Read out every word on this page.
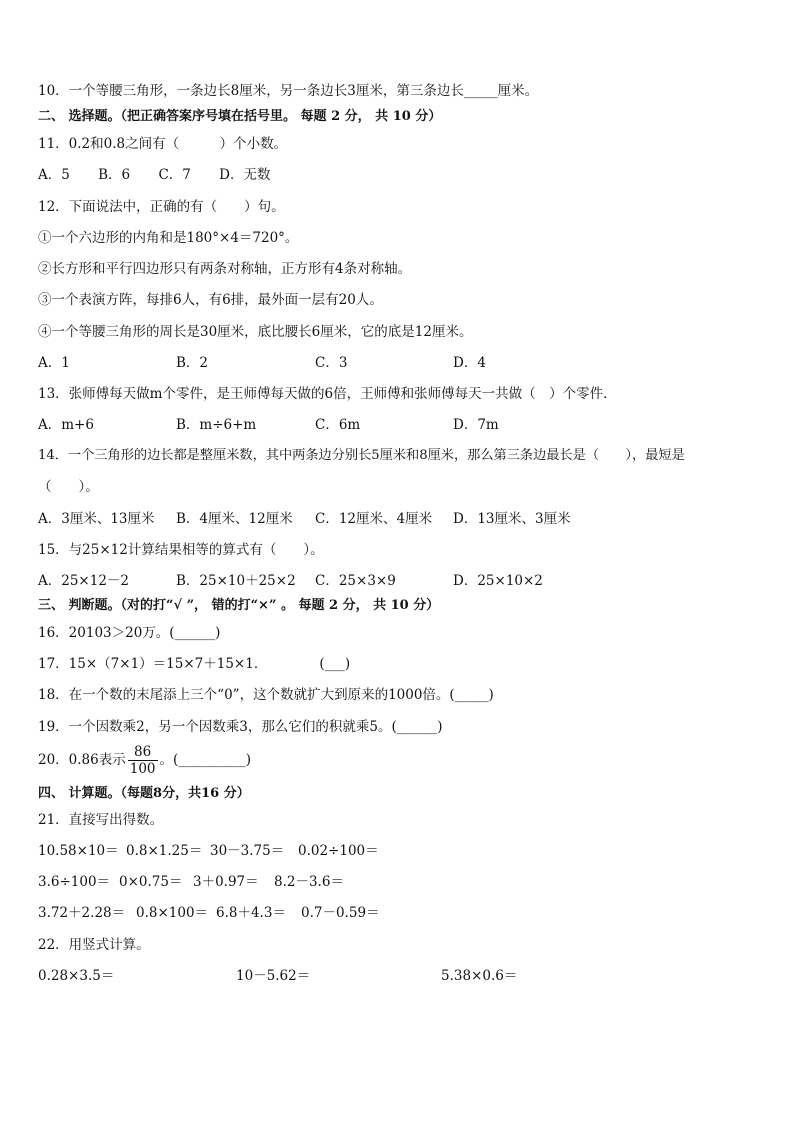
10．一个等腰三角形，一条边长8厘米，另一条边长3厘米，第三条边长_____厘米。
二、 选择题。（把正确答案序号填在括号里。 每题 2 分， 共 10 分）
11．0.2和0.8之间有（　　　）个小数。
A．5 B．6 C．7 D．无数
12．下面说法中，正确的有（　　）句。
①一个六边形的内角和是180°×4＝720°。
②长方形和平行四边形只有两条对称轴，正方形有4条对称轴。
③一个表演方阵，每排6人，有6排，最外面一层有20人。
④一个等腰三角形的周长是30厘米，底比腰长6厘米，它的底是12厘米。
A．1	B．2	C．3	D．4
13．张师傅每天做m个零件，是王师傅每天做的6倍，王师傅和张师傅每天一共做（　）个零件．
A．m+6	B．m÷6+m	C．6m	D．7m
14．一个三角形的边长都是整厘米数，其中两条边分别长5厘米和8厘米，那么第三条边最长是（　　），最短是
（　　）。
A．3厘米、13厘米 B．4厘米、12厘米 C．12厘米、4厘米 D．13厘米、3厘米
15．与25×12计算结果相等的算式有（　　）。
A．25×12－2	B．25×10＋25×2 C．25×3×9	D．25×10×2
三、 判断题。（对的打“√ ”， 错的打“×” 。 每题 2 分， 共 10 分）
16．20103＞20万。(______)
17．15×（7×1）＝15×7＋15×1．	(___)
18．在一个数的末尾添上三个“0”，这个数就扩大到原来的1000倍。(_____)
19．一个因数乘2，另一个因数乘3，那么它们的积就乘5。(______)
20．0.86表示 $\frac{86}{100}$ 。(__________)
四、 计算题。（每题8分，共16 分）
21．直接写出得数。
10.58×10＝ 0.8×1.25＝ 30－3.75＝ 0.02÷100＝
3.6÷100＝ 0×0.75＝ 3＋0.97＝ 8.2－3.6＝
3.72＋2.28＝ 0.8×100＝ 6.8＋4.3＝ 0.7－0.59＝
22．用竖式计算。
0.28×3.5＝	10－5.62＝	5.38×0.6＝
